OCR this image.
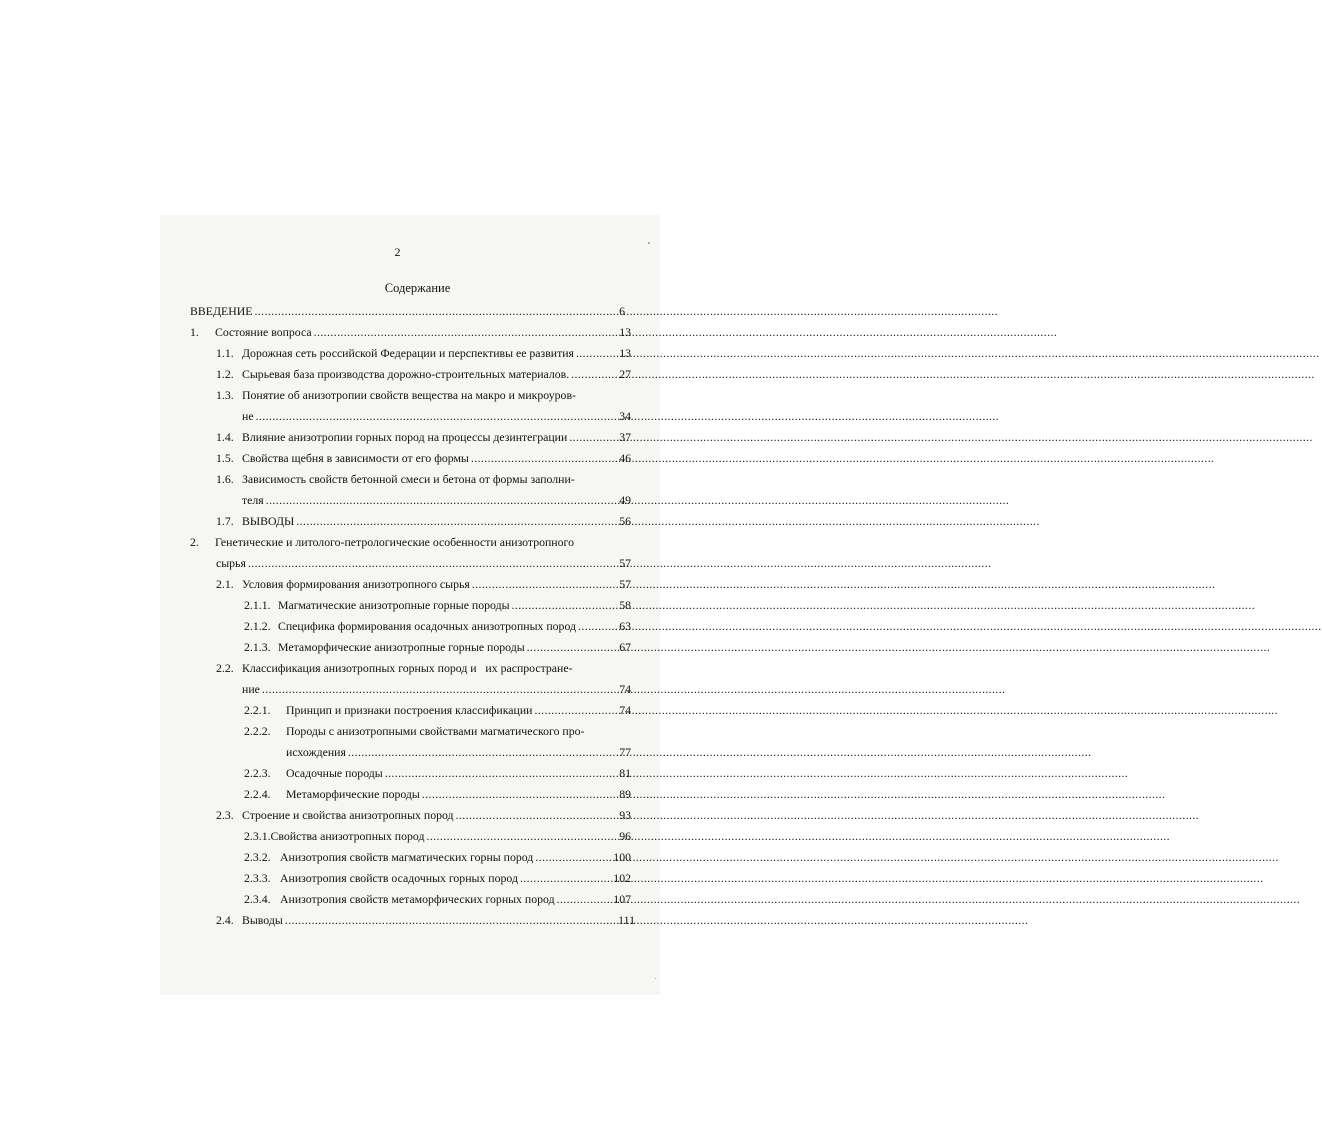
2
Содержание
ВВЕДЕНИЕ .....	6
1.	Состояние вопроса .....	13
1.1. Дорожная сеть российской Федерации и перспективы ее развития .....	13
1.2. Сырьевая база производства дорожно-строительных материалов. .....	27
1.3. Понятие об анизотропии свойств вещества на макро и микроуров-
не .....	34
1.4. Влияние анизотропии горных пород на процессы дезинтеграции .....	37
1.5. Свойства щебня в зависимости от его формы .....	46
1.6. Зависимость свойств бетонной смеси и бетона от формы заполни-
теля .....	49
1.7. ВЫВОДЫ .....	56
2.	Генетические и литолого-петрологические особенности анизотропного
сырья .....	57
2.1. Условия формирования анизотропного сырья .....	57
2.1.1. Магматические анизотропные горные породы .....	58
2.1.2. Специфика формирования осадочных анизотропных пород .....	63
2.1.3. Метаморфические анизотропные горные породы .....	67
2.2. Классификация анизотропных горных пород и   их распростране-
ние .....	74
2.2.1.	Принцип и признаки построения классификации .....	74
2.2.2.	Породы с анизотропными свойствами магматического про-
исхождения .....	77
2.2.3.	Осадочные породы .....	81
2.2.4.	Метаморфические породы .....	89
2.3. Строение и свойства анизотропных пород .....	93
2.3.1. Свойства анизотропных пород .....	96
2.3.2. Анизотропия свойств магматических горны пород .....	100
2.3.3. Анизотропия свойств осадочных горных пород .....	102
2.3.4. Анизотропия свойств метаморфических горных пород .....	107
2.4. Выводы .....	111
